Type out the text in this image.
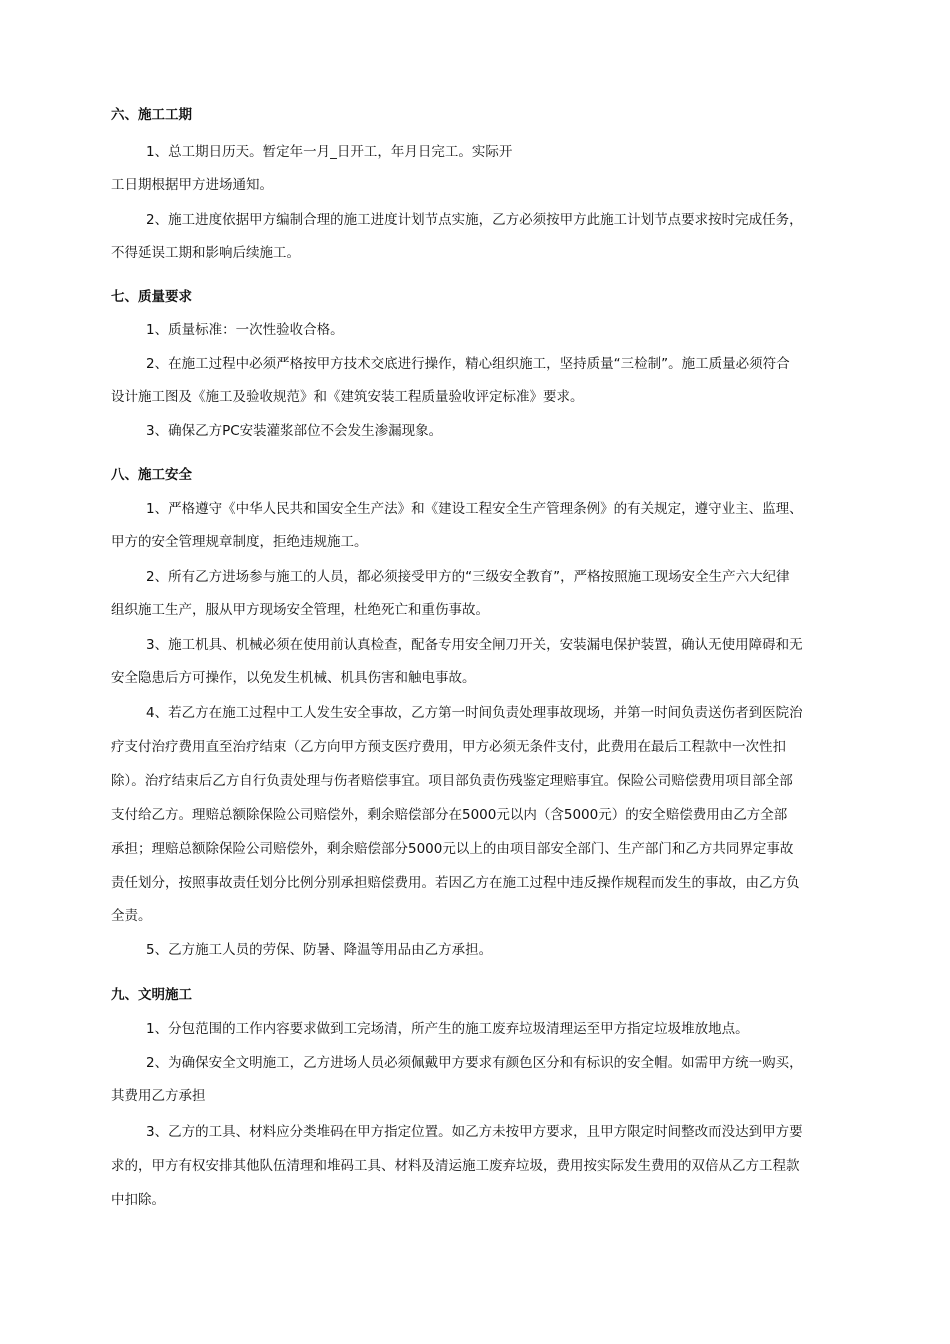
六、施工工期

1、总工期日历天。暂定年一月_日开工，年月日完工。实际开

工日期根据甲方进场通知。

2、施工进度依据甲方编制合理的施工进度计划节点实施，乙方必须按甲方此施工计划节点要求按时完成任务，

不得延误工期和影响后续施工。

七、质量要求

1、质量标准：一次性验收合格。

2、在施工过程中必须严格按甲方技术交底进行操作，精心组织施工，坚持质量“三检制”。施工质量必须符合

设计施工图及《施工及验收规范》和《建筑安装工程质量验收评定标准》要求。

3、确保乙方PC安装灌浆部位不会发生渗漏现象。

八、施工安全

1、严格遵守《中华人民共和国安全生产法》和《建设工程安全生产管理条例》的有关规定，遵守业主、监理、

甲方的安全管理规章制度，拒绝违规施工。

2、所有乙方进场参与施工的人员，都必须接受甲方的“三级安全教育”，严格按照施工现场安全生产六大纪律

组织施工生产，服从甲方现场安全管理，杜绝死亡和重伤事故。

3、施工机具、机械必须在使用前认真检查，配备专用安全闸刀开关，安装漏电保护装置，确认无使用障碍和无

安全隐患后方可操作，以免发生机械、机具伤害和触电事故。

4、若乙方在施工过程中工人发生安全事故，乙方第一时间负责处理事故现场，并第一时间负责送伤者到医院治

疗支付治疗费用直至治疗结束（乙方向甲方预支医疗费用，甲方必须无条件支付，此费用在最后工程款中一次性扣

除）。治疗结束后乙方自行负责处理与伤者赔偿事宜。项目部负责伤残鉴定理赔事宜。保险公司赔偿费用项目部全部

支付给乙方。理赔总额除保险公司赔偿外，剩余赔偿部分在5000元以内（含5000元）的安全赔偿费用由乙方全部

承担；理赔总额除保险公司赔偿外，剩余赔偿部分5000元以上的由项目部安全部门、生产部门和乙方共同界定事故

责任划分，按照事故责任划分比例分别承担赔偿费用。若因乙方在施工过程中违反操作规程而发生的事故，由乙方负

全责。

5、乙方施工人员的劳保、防暑、降温等用品由乙方承担。

九、文明施工

1、分包范围的工作内容要求做到工完场清，所产生的施工废弃垃圾清理运至甲方指定垃圾堆放地点。

2、为确保安全文明施工，乙方进场人员必须佩戴甲方要求有颜色区分和有标识的安全帽。如需甲方统一购买，

其费用乙方承担

3、乙方的工具、材料应分类堆码在甲方指定位置。如乙方未按甲方要求，且甲方限定时间整改而没达到甲方要

求的，甲方有权安排其他队伍清理和堆码工具、材料及清运施工废弃垃圾，费用按实际发生费用的双倍从乙方工程款

中扣除。
